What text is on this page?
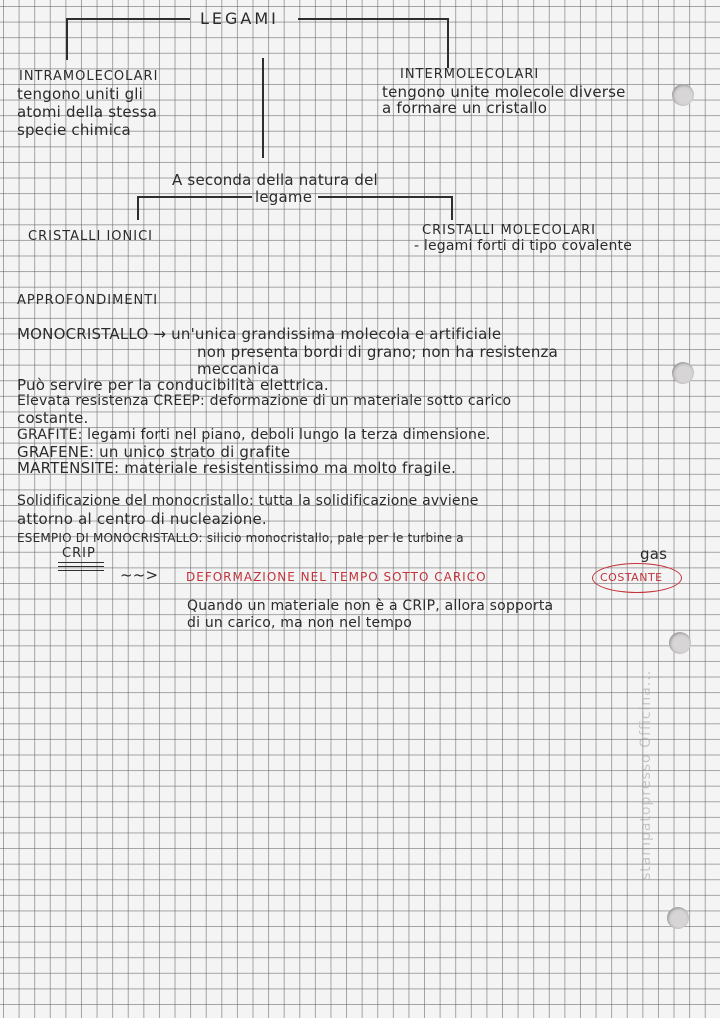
LEGAMI
INTRAMOLECOLARI
tengono uniti gli
atomi della stessa
specie chimica
INTERMOLECOLARI
tengono unite molecole diverse
a formare un cristallo
A seconda della natura del
legame
CRISTALLI IONICI	CRISTALLI MOLECOLARI
- legami forti di tipo covalente
APPROFONDIMENTI
MONOCRISTALLO → un'unica grandissima molecola e artificiale
non presenta bordi di grano; non ha resistenza
meccanica
Può servire per la conducibilità elettrica.
Elevata resistenza CREEP: deformazione di un materiale sotto carico
costante.
GRAFITE: legami forti nel piano, deboli lungo la terza dimensione.
GRAFENE: un unico strato di grafite
MARTENSITE: materiale resistentissimo ma molto fragile.
Solidificazione del monocristallo: tutta la solidificazione avviene
attorno al centro di nucleazione.
ESEMPIO DI MONOCRISTALLO: silicio monocristallo, pale per le turbine a
gas
CRIP
~~> DEFORMAZIONE NEL TEMPO SOTTO CARICO	COSTANTE
Quando un materiale non è a CRIP, allora sopporta
di un carico, ma non nel tempo
stampatopresso Officina...
